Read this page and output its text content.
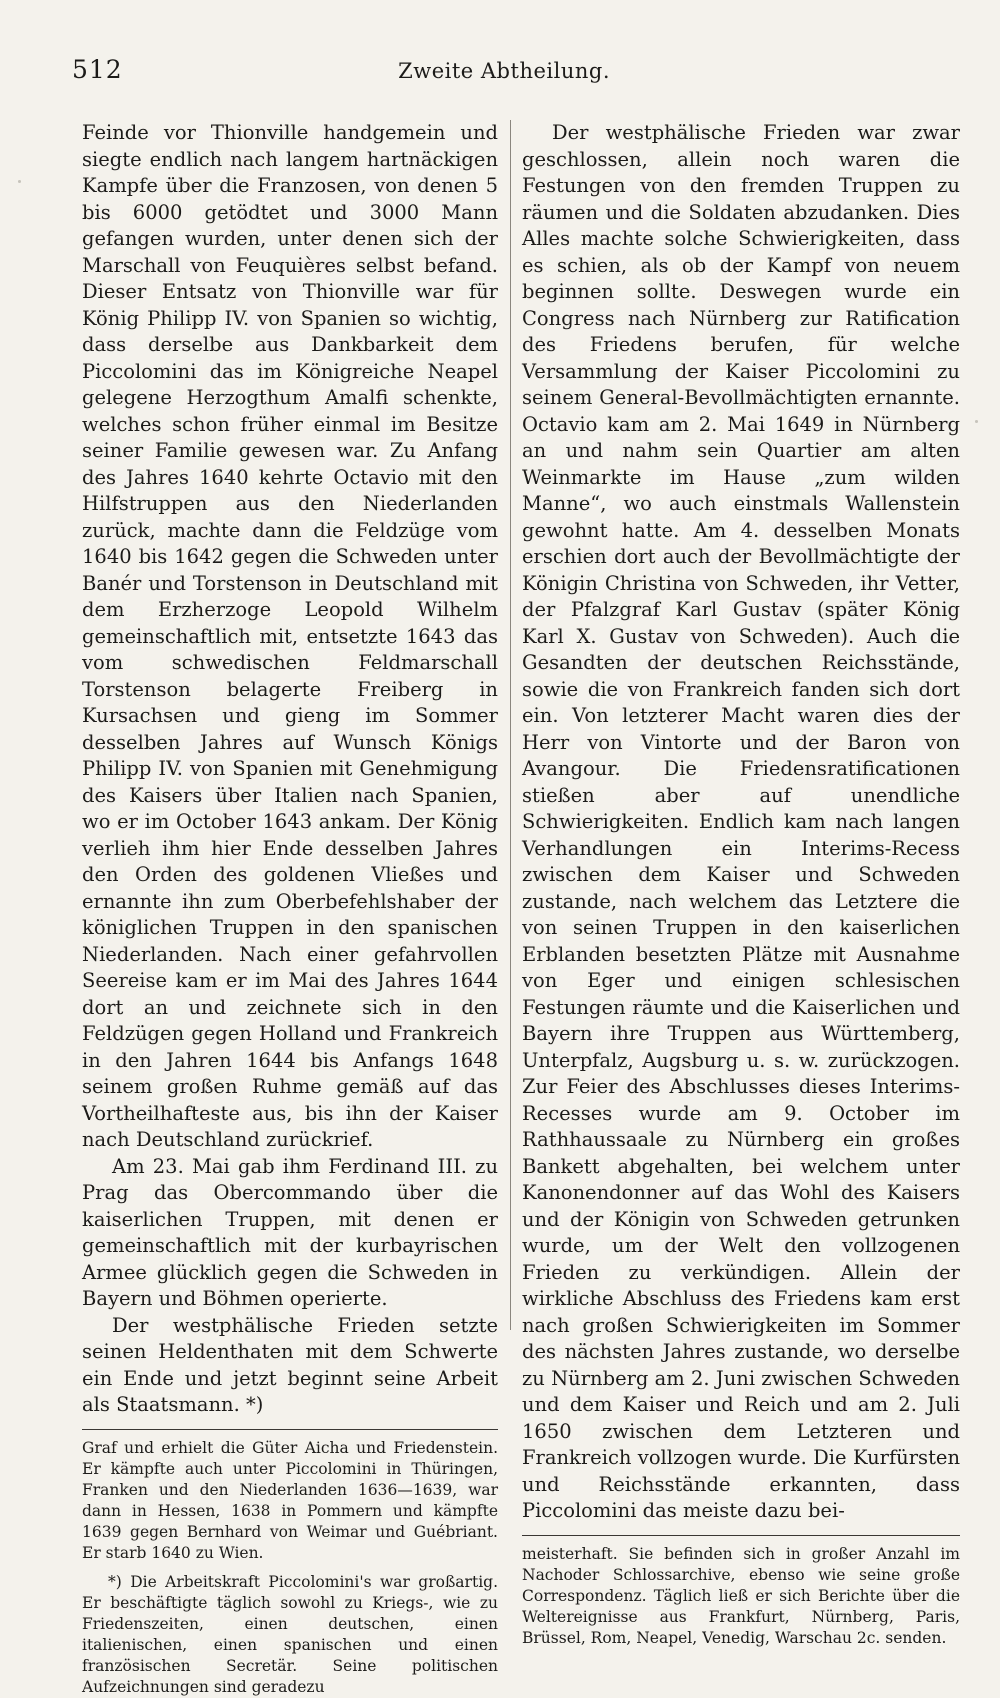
512	Zweite Abtheilung.

Feinde vor Thionville handgemein und siegte endlich nach langem hartnäckigen Kampfe über die Franzosen, von denen 5 bis 6000 getödtet und 3000 Mann gefangen wurden, unter denen sich der Marschall von Feuquières selbst befand. Dieser Entsatz von Thionville war für König Philipp IV. von Spanien so wichtig, dass derselbe aus Dankbarkeit dem Piccolomini das im Königreiche Neapel gelegene Herzogthum Amalfi schenkte, welches schon früher einmal im Besitze seiner Familie gewesen war. Zu Anfang des Jahres 1640 kehrte Octavio mit den Hilfstruppen aus den Niederlanden zurück, machte dann die Feldzüge vom 1640 bis 1642 gegen die Schweden unter Banér und Torstenson in Deutschland mit dem Erzherzoge Leopold Wilhelm gemeinschaftlich mit, entsetzte 1643 das vom schwedischen Feldmarschall Torstenson belagerte Freiberg in Kursachsen und gieng im Sommer desselben Jahres auf Wunsch Königs Philipp IV. von Spanien mit Genehmigung des Kaisers über Italien nach Spanien, wo er im October 1643 ankam. Der König verlieh ihm hier Ende desselben Jahres den Orden des goldenen Vließes und ernannte ihn zum Oberbefehlshaber der königlichen Truppen in den spanischen Niederlanden. Nach einer gefahrvollen Seereise kam er im Mai des Jahres 1644 dort an und zeichnete sich in den Feldzügen gegen Holland und Frankreich in den Jahren 1644 bis Anfangs 1648 seinem großen Ruhme gemäß auf das Vortheilhafteste aus, bis ihn der Kaiser nach Deutschland zurückrief.

Am 23. Mai gab ihm Ferdinand III. zu Prag das Obercommando über die kaiserlichen Truppen, mit denen er gemeinschaftlich mit der kurbayrischen Armee glücklich gegen die Schweden in Bayern und Böhmen operierte.

Der westphälische Frieden setzte seinen Heldenthaten mit dem Schwerte ein Ende und jetzt beginnt seine Arbeit als Staatsmann. *)

Graf und erhielt die Güter Aicha und Friedenstein. Er kämpfte auch unter Piccolomini in Thüringen, Franken und den Niederlanden 1636—1639, war dann in Hessen, 1638 in Pommern und kämpfte 1639 gegen Bernhard von Weimar und Guébriant. Er starb 1640 zu Wien.

*) Die Arbeitskraft Piccolomini's war großartig. Er beschäftigte täglich sowohl zu Kriegs-, wie zu Friedenszeiten, einen deutschen, einen italienischen, einen spanischen und einen französischen Secretär. Seine politischen Aufzeichnungen sind geradezu

Der westphälische Frieden war zwar geschlossen, allein noch waren die Festungen von den fremden Truppen zu räumen und die Soldaten abzudanken. Dies Alles machte solche Schwierigkeiten, dass es schien, als ob der Kampf von neuem beginnen sollte. Deswegen wurde ein Congress nach Nürnberg zur Ratification des Friedens berufen, für welche Versammlung der Kaiser Piccolomini zu seinem General-Bevollmächtigten ernannte. Octavio kam am 2. Mai 1649 in Nürnberg an und nahm sein Quartier am alten Weinmarkte im Hause „zum wilden Manne“, wo auch einstmals Wallenstein gewohnt hatte. Am 4. desselben Monats erschien dort auch der Bevollmächtigte der Königin Christina von Schweden, ihr Vetter, der Pfalzgraf Karl Gustav (später König Karl X. Gustav von Schweden). Auch die Gesandten der deutschen Reichsstände, sowie die von Frankreich fanden sich dort ein. Von letzterer Macht waren dies der Herr von Vintorte und der Baron von Avangour. Die Friedensratificationen stießen aber auf unendliche Schwierigkeiten. Endlich kam nach langen Verhandlungen ein Interims-Recess zwischen dem Kaiser und Schweden zustande, nach welchem das Letztere die von seinen Truppen in den kaiserlichen Erblanden besetzten Plätze mit Ausnahme von Eger und einigen schlesischen Festungen räumte und die Kaiserlichen und Bayern ihre Truppen aus Württemberg, Unterpfalz, Augsburg u. s. w. zurückzogen. Zur Feier des Abschlusses dieses Interims-Recesses wurde am 9. October im Rathhaussaale zu Nürnberg ein großes Bankett abgehalten, bei welchem unter Kanonendonner auf das Wohl des Kaisers und der Königin von Schweden getrunken wurde, um der Welt den vollzogenen Frieden zu verkündigen. Allein der wirkliche Abschluss des Friedens kam erst nach großen Schwierigkeiten im Sommer des nächsten Jahres zustande, wo derselbe zu Nürnberg am 2. Juni zwischen Schweden und dem Kaiser und Reich und am 2. Juli 1650 zwischen dem Letzteren und Frankreich vollzogen wurde. Die Kurfürsten und Reichsstände erkannten, dass Piccolomini das meiste dazu bei-

meisterhaft. Sie befinden sich in großer Anzahl im Nachoder Schlossarchive, ebenso wie seine große Correspondenz. Täglich ließ er sich Berichte über die Weltereignisse aus Frankfurt, Nürnberg, Paris, Brüssel, Rom, Neapel, Venedig, Warschau 2c. senden.
